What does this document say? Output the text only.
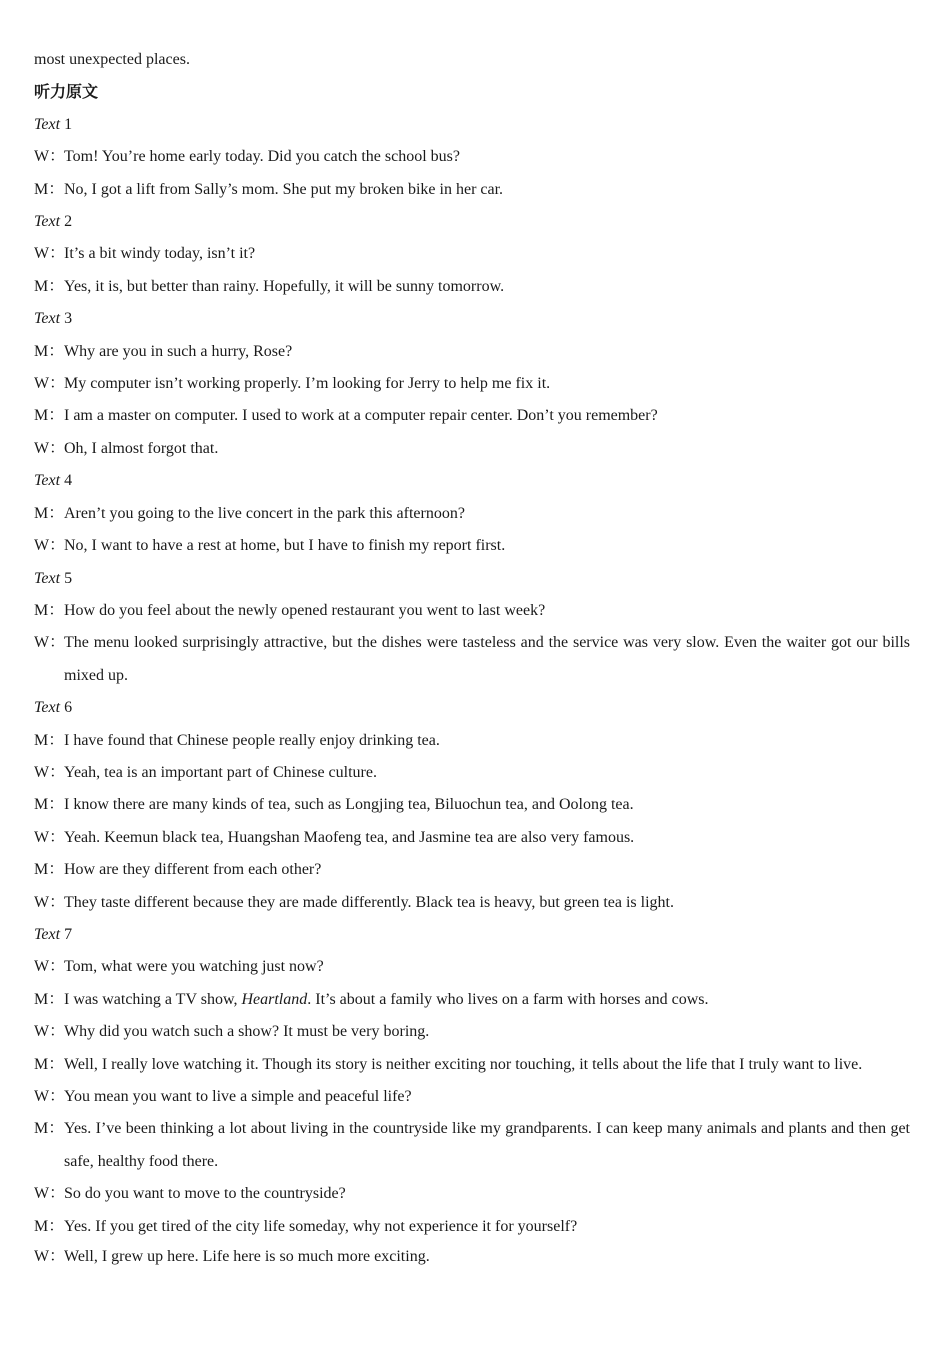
most unexpected places.
听力原文
Text 1
W：
Tom! You’re home early today. Did you catch the school bus?
M： No, I got a lift from Sally’s mom. She put my broken bike in her car.
Text 2
W：
It’s a bit windy today, isn’t it?
M： Yes, it is, but better than rainy. Hopefully, it will be sunny tomorrow.
Text 3
M： Why are you in such a hurry, Rose?
W：
My computer isn’t working properly. I’m looking for Jerry to help me fix it.
M： I am a master on computer. I used to work at a computer repair center. Don’t you remember?
W：
Oh, I almost forgot that.
Text 4
M： Aren’t you going to the live concert in the park this afternoon?
W：
No, I want to have a rest at home, but I have to finish my report first.
Text 5
M： How do you feel about the newly opened restaurant you went to last week?
W：
The menu looked surprisingly attractive, but the dishes were tasteless and the service was very slow. Even the waiter got our bills mixed up.
Text 6
M： I have found that Chinese people really enjoy drinking tea.
W：
Yeah, tea is an important part of Chinese culture.
M： I know there are many kinds of tea, such as Longjing tea, Biluochun tea, and Oolong tea.
W：
Yeah. Keemun black tea, Huangshan Maofeng tea, and Jasmine tea are also very famous.
M： How are they different from each other?
W：
They taste different because they are made differently. Black tea is heavy, but green tea is light.
Text 7
W：
Tom, what were you watching just now?
M： I was watching a TV show, Heartland. It’s about a family who lives on a farm with horses and cows.
W：
Why did you watch such a show? It must be very boring.
M： Well, I really love watching it. Though its story is neither exciting nor touching, it tells about the life that I truly want to live.
W：
You mean you want to live a simple and peaceful life?
M： Yes. I’ve been thinking a lot about living in the countryside like my grandparents. I can keep many animals and plants and then get safe, healthy food there.
W：
So do you want to move to the countryside?
M： Yes. If you get tired of the city life someday, why not experience it for yourself?
W：
Well, I grew up here. Life here is so much more exciting.
